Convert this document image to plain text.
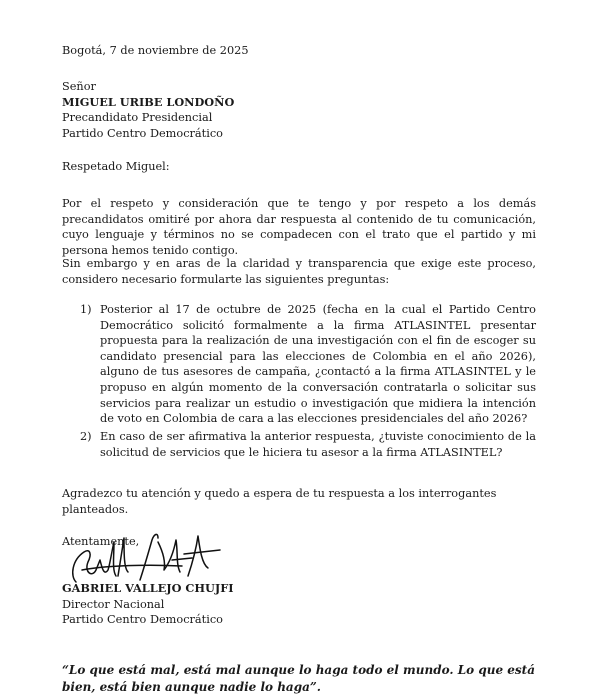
Bogotá, 7 de noviembre de 2025
Señor
MIGUEL URIBE LONDOÑO
Precandidato Presidencial
Partido Centro Democrático
Respetado Miguel:
Por el respeto y consideración que te tengo y por respeto a los demás precandidatos omitiré por ahora dar respuesta al contenido de tu comunicación, cuyo lenguaje y términos no se compadecen con el trato que el partido y mi persona hemos tenido contigo.
Sin embargo y en aras de la claridad y transparencia que exige este proceso, considero necesario formularte las siguientes preguntas:
1) Posterior al 17 de octubre de 2025 (fecha en la cual el Partido Centro Democrático solicitó formalmente a la firma ATLASINTEL presentar propuesta para la realización de una investigación con el fin de escoger su candidato presencial para las elecciones de Colombia en el año 2026), alguno de tus asesores de campaña, ¿contactó a la firma ATLASINTEL y le propuso en algún momento de la conversación contratarla o solicitar sus servicios para realizar un estudio o investigación que midiera la intención de voto en Colombia de cara a las elecciones presidenciales del año 2026?
2) En caso de ser afirmativa la anterior respuesta, ¿tuviste conocimiento de la solicitud de servicios que le hiciera tu asesor a la firma ATLASINTEL?
Agradezco tu atención y quedo a espera de tu respuesta a los interrogantes planteados.
Atentamente,
GABRIEL VALLEJO CHUJFI
Director Nacional
Partido Centro Democrático
“Lo que está mal, está mal aunque lo haga todo el mundo. Lo que está bien, está bien aunque nadie lo haga”.
